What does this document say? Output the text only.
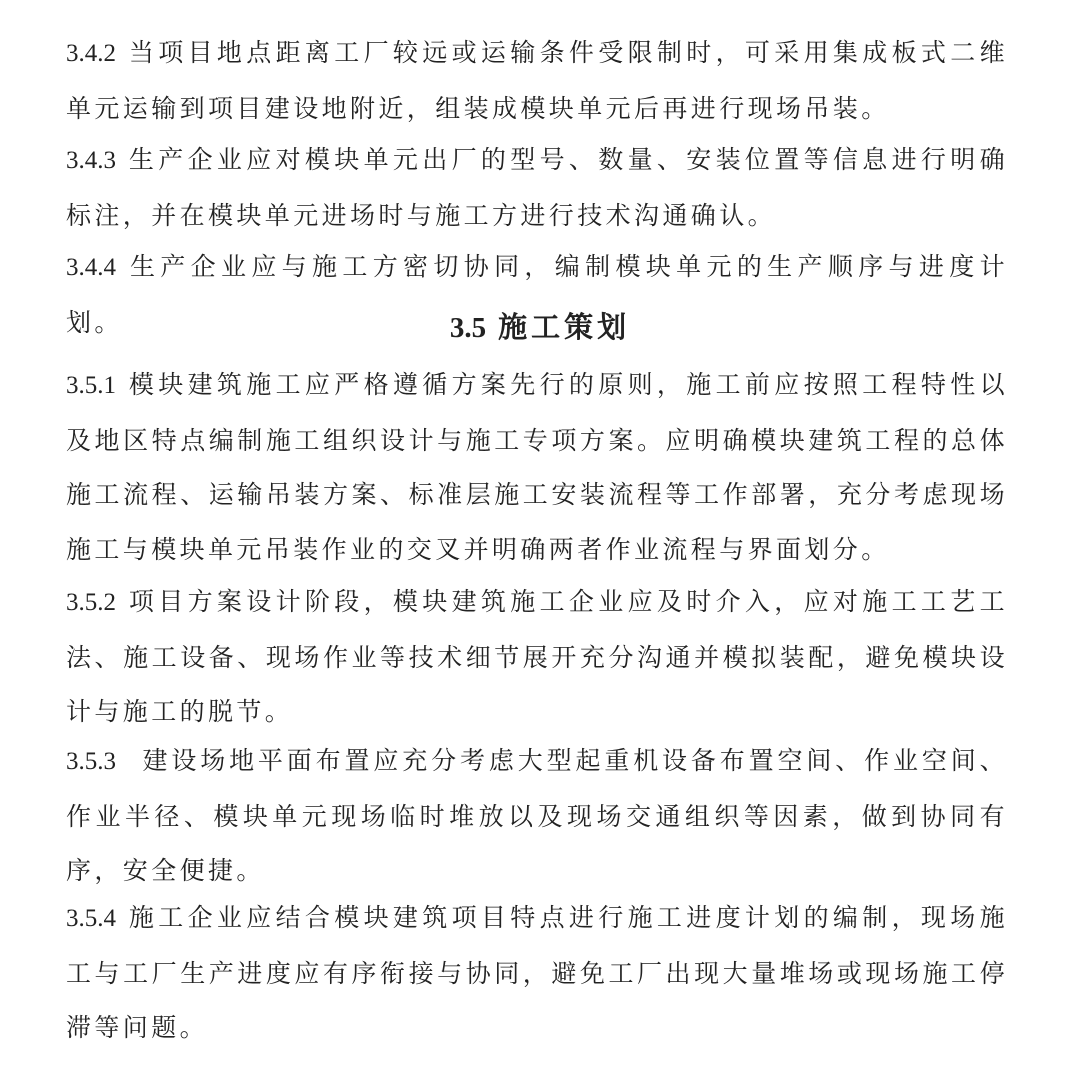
3.4.2 当项目地点距离工厂较远或运输条件受限制时，可采用集成板式二维单元运输到项目建设地附近，组装成模块单元后再进行现场吊装。

3.4.3 生产企业应对模块单元出厂的型号、数量、安装位置等信息进行明确标注，并在模块单元进场时与施工方进行技术沟通确认。

3.4.4 生产企业应与施工方密切协同，编制模块单元的生产顺序与进度计划。	3.5 施工策划

3.5.1 模块建筑施工应严格遵循方案先行的原则，施工前应按照工程特性以及地区特点编制施工组织设计与施工专项方案。应明确模块建筑工程的总体施工流程、运输吊装方案、标准层施工安装流程等工作部署，充分考虑现场施工与模块单元吊装作业的交叉并明确两者作业流程与界面划分。

3.5.2 项目方案设计阶段，模块建筑施工企业应及时介入，应对施工工艺工法、施工设备、现场作业等技术细节展开充分沟通并模拟装配，避免模块设计与施工的脱节。

3.5.3 建设场地平面布置应充分考虑大型起重机设备布置空间、作业空间、作业半径、模块单元现场临时堆放以及现场交通组织等因素，做到协同有序，安全便捷。

3.5.4 施工企业应结合模块建筑项目特点进行施工进度计划的编制，现场施工与工厂生产进度应有序衔接与协同，避免工厂出现大量堆场或现场施工停滞等问题。
